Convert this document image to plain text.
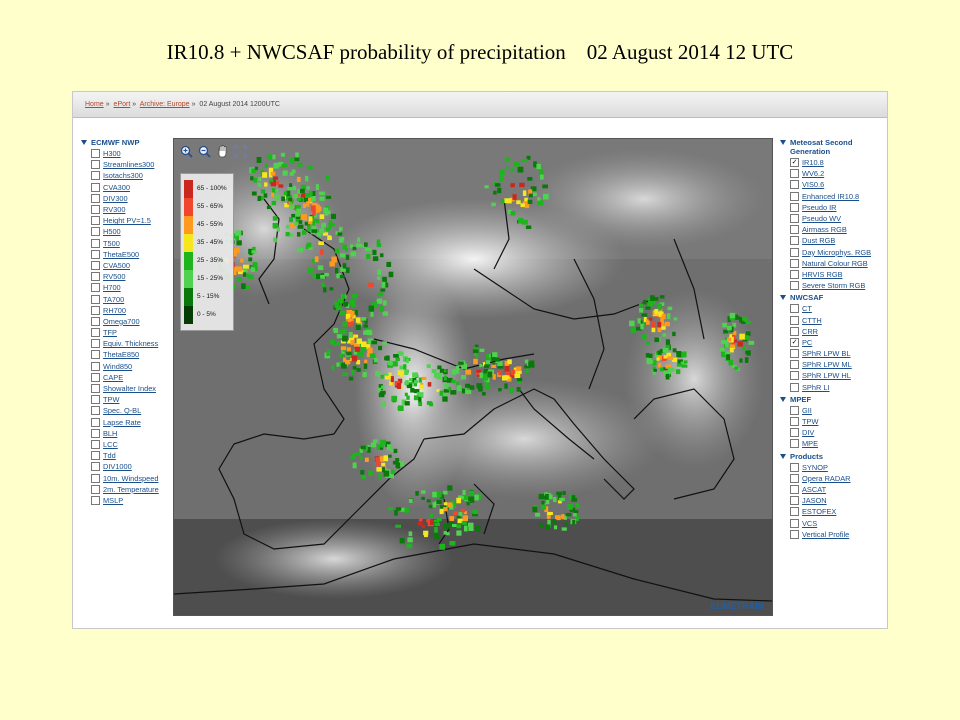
IR10.8 + NWCSAF probability of precipitation    02 August 2014 12 UTC
Home » ePort » Archive: Europe » 02 August 2014 1200UTC
ECMWF NWP
H300
Streamlines300
Isotachs300
CVA300
DIV300
RV300
Height PV=1.5
H500
T500
ThetaE500
CVA500
RV500
H700
TA700
RH700
Omega700
TFP
Equiv. Thickness
ThetaE850
Wind850
CAPE
Showalter Index
TPW
Spec. Q-BL
Lapse Rate
BLH
LCC
Tdd
DIV1000
10m. Windspeed
2m. Temperature
MSLP
Meteosat Second Generation
✓ IR10.8
WV6.2
VIS0.6
Enhanced IR10.8
Pseudo IR
Pseudo WV
Airmass RGB
Dust RGB
Day Microphys. RGB
Natural Colour RGB
HRVIS RGB
Severe Storm RGB
NWCSAF
CT
CTTH
CRR
✓ PC
SPhR LPW BL
SPhR LPW ML
SPhR LPW HL
SPhR LI
MPEF
GII
TPW
DIV
MPE
Products
SYNOP
Opera RADAR
ASCAT
JASON
ESTOFEX
VCS
Vertical Profile
65 - 100%
55 - 65%
45 - 55%
35 - 45%
25 - 35%
15 - 25%
5 - 15%
0 - 5%
EUMETRAIN
